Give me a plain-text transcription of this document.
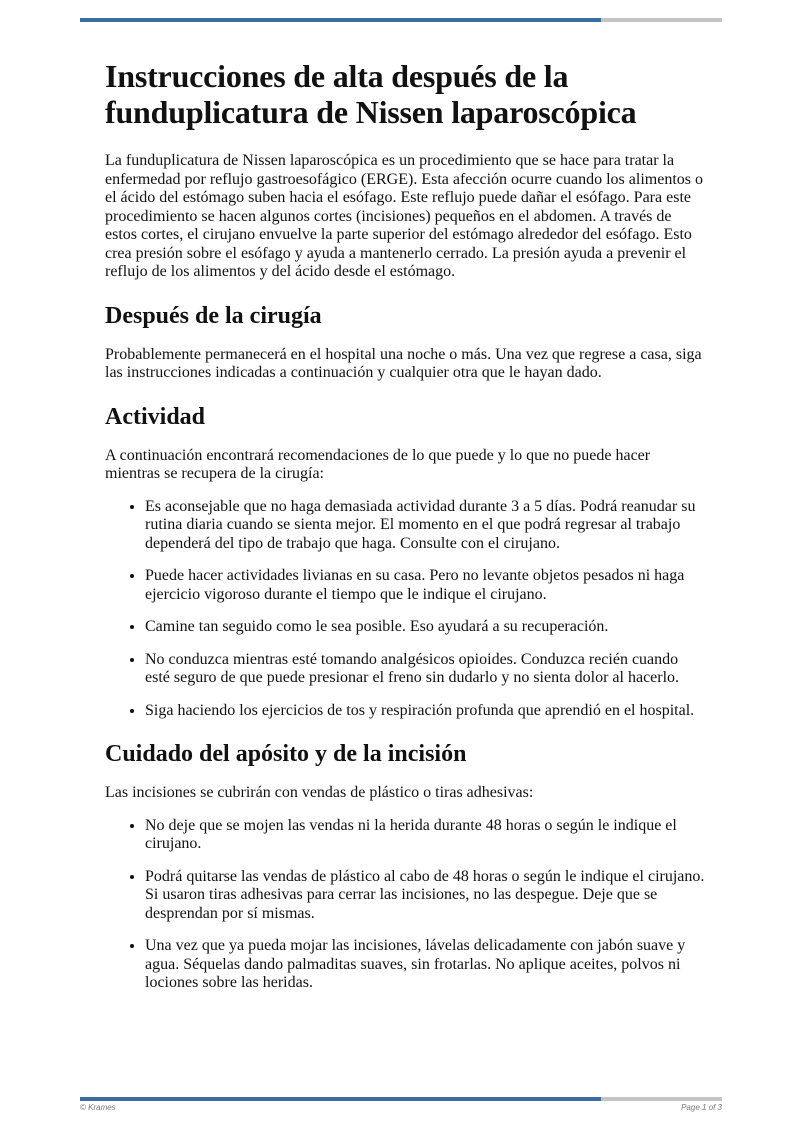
Instrucciones de alta después de la funduplicatura de Nissen laparoscópica

La funduplicatura de Nissen laparoscópica es un procedimiento que se hace para tratar la enfermedad por reflujo gastroesofágico (ERGE). Esta afección ocurre cuando los alimentos o el ácido del estómago suben hacia el esófago. Este reflujo puede dañar el esófago. Para este procedimiento se hacen algunos cortes (incisiones) pequeños en el abdomen. A través de estos cortes, el cirujano envuelve la parte superior del estómago alrededor del esófago. Esto crea presión sobre el esófago y ayuda a mantenerlo cerrado. La presión ayuda a prevenir el reflujo de los alimentos y del ácido desde el estómago.

Después de la cirugía

Probablemente permanecerá en el hospital una noche o más. Una vez que regrese a casa, siga las instrucciones indicadas a continuación y cualquier otra que le hayan dado.

Actividad

A continuación encontrará recomendaciones de lo que puede y lo que no puede hacer mientras se recupera de la cirugía:

• Es aconsejable que no haga demasiada actividad durante 3 a 5 días. Podrá reanudar su rutina diaria cuando se sienta mejor. El momento en el que podrá regresar al trabajo dependerá del tipo de trabajo que haga. Consulte con el cirujano.
• Puede hacer actividades livianas en su casa. Pero no levante objetos pesados ni haga ejercicio vigoroso durante el tiempo que le indique el cirujano.
• Camine tan seguido como le sea posible. Eso ayudará a su recuperación.
• No conduzca mientras esté tomando analgésicos opioides. Conduzca recién cuando esté seguro de que puede presionar el freno sin dudarlo y no sienta dolor al hacerlo.
• Siga haciendo los ejercicios de tos y respiración profunda que aprendió en el hospital.
Cuidado del apósito y de la incisión

Las incisiones se cubrirán con vendas de plástico o tiras adhesivas:

• No deje que se mojen las vendas ni la herida durante 48 horas o según le indique el cirujano.
• Podrá quitarse las vendas de plástico al cabo de 48 horas o según le indique el cirujano. Si usaron tiras adhesivas para cerrar las incisiones, no las despegue. Deje que se desprendan por sí mismas.
• Una vez que ya pueda mojar las incisiones, lávelas delicadamente con jabón suave y agua. Séquelas dando palmaditas suaves, sin frotarlas. No aplique aceites, polvos ni lociones sobre las heridas.
© Krames	Page 1 of 3
